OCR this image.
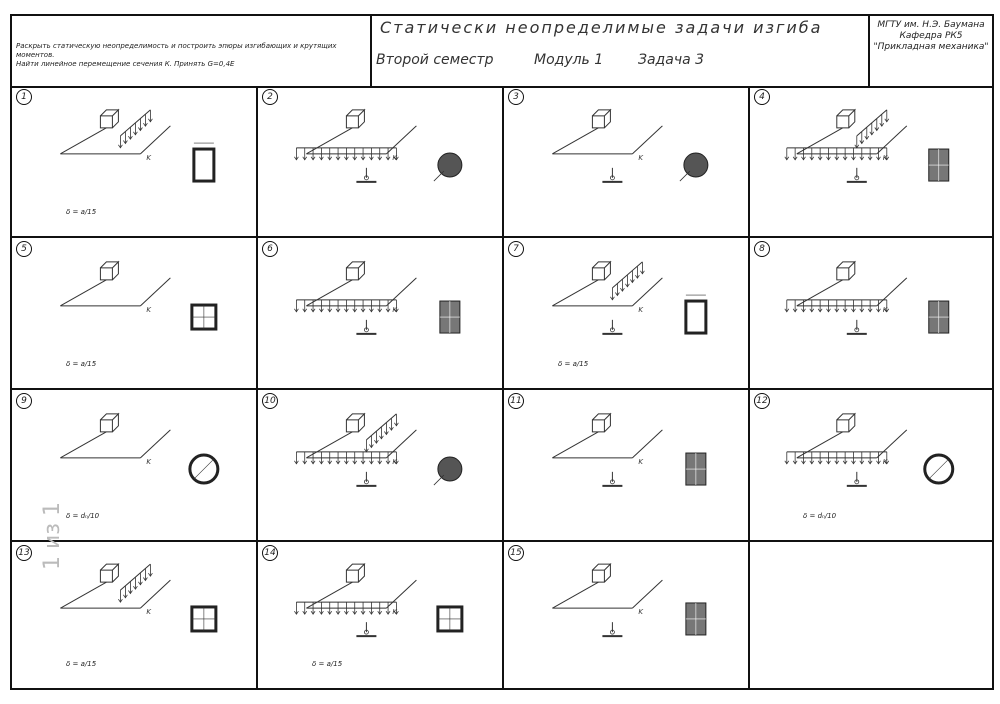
Раскрыть статическую неопределимость и построить эпюры изгибающих и крутящих моментов.
Найти линейное перемещение сечения К. Принять G=0,4E
Статически неопределимые задачи изгиба
Второй семестр	Модуль 1 Задача 3
МГТУ им. Н.Э. Баумана
Кафедра РК5
"Прикладная механика"
1
K
δ = a/15
2
K
3
K
4
K
5
K
δ = a/15
6
K
7
K
δ = a/15
8
K
9
K
δ = dₙ/10
10
K
11
K
12
K
δ = dₙ/10
13
K
δ = a/15
14
K
δ = a/15
15
K
1 из 1
